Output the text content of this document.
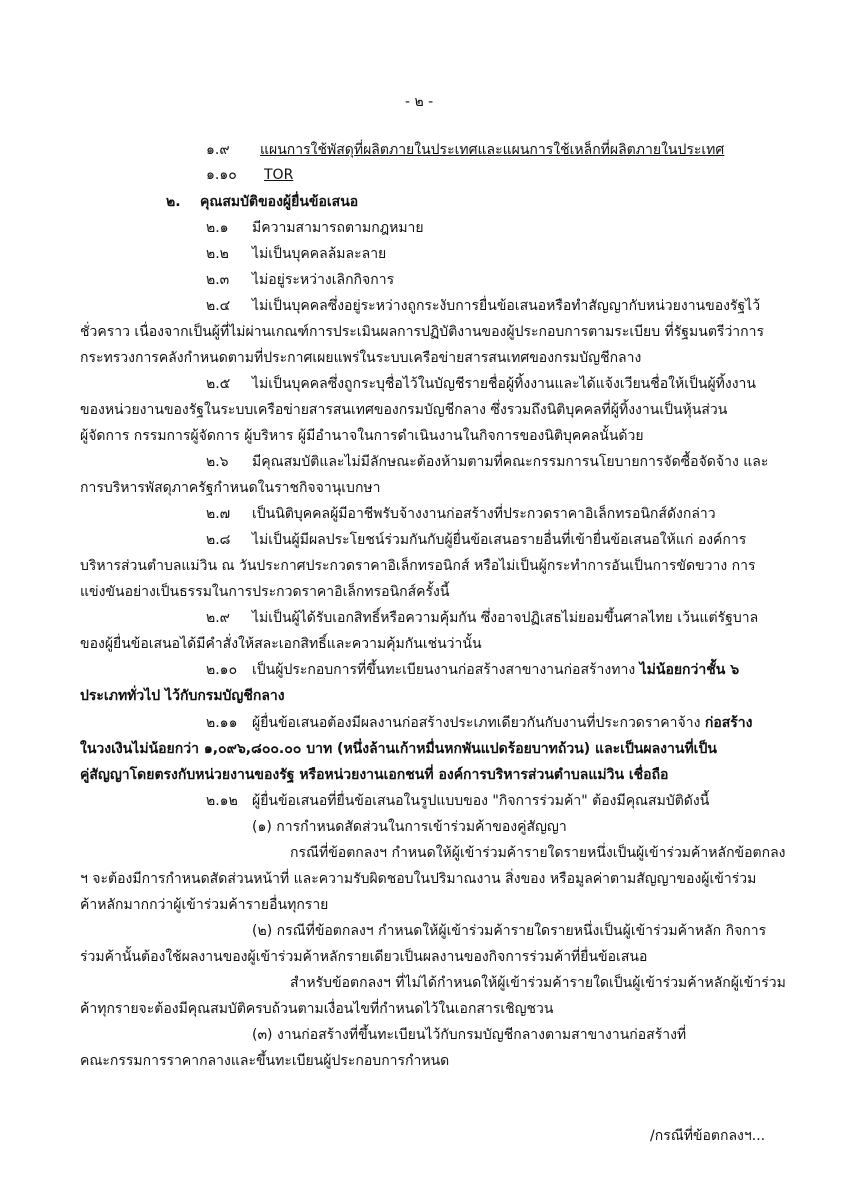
- ๒ -
๑.๙ แผนการใช้พัสดุที่ผลิตภายในประเทศและแผนการใช้เหล็กที่ผลิตภายในประเทศ
๑.๑๐ TOR
๒. คุณสมบัติของผู้ยื่นข้อเสนอ
๒.๑ มีความสามารถตามกฎหมาย
๒.๒ ไม่เป็นบุคคลล้มละลาย
๒.๓ ไม่อยู่ระหว่างเลิกกิจการ
๒.๔ ไม่เป็นบุคคลซึ่งอยู่ระหว่างถูกระงับการยื่นข้อเสนอหรือทำสัญญากับหน่วยงานของรัฐไว้
ชั่วคราว เนื่องจากเป็นผู้ที่ไม่ผ่านเกณฑ์การประเมินผลการปฏิบัติงานของผู้ประกอบการตามระเบียบ ที่รัฐมนตรีว่าการ
กระทรวงการคลังกำหนดตามที่ประกาศเผยแพร่ในระบบเครือข่ายสารสนเทศของกรมบัญชีกลาง
๒.๕ ไม่เป็นบุคคลซึ่งถูกระบุชื่อไว้ในบัญชีรายชื่อผู้ทิ้งงานและได้แจ้งเวียนชื่อให้เป็นผู้ทิ้งงาน
ของหน่วยงานของรัฐในระบบเครือข่ายสารสนเทศของกรมบัญชีกลาง ซึ่งรวมถึงนิติบุคคลที่ผู้ทิ้งงานเป็นหุ้นส่วน
ผู้จัดการ กรรมการผู้จัดการ ผู้บริหาร ผู้มีอำนาจในการดำเนินงานในกิจการของนิติบุคคลนั้นด้วย
๒.๖ มีคุณสมบัติและไม่มีลักษณะต้องห้ามตามที่คณะกรรมการนโยบายการจัดซื้อจัดจ้าง และ
การบริหารพัสดุภาครัฐกำหนดในราชกิจจานุเบกษา
๒.๗ เป็นนิติบุคคลผู้มีอาชีพรับจ้างงานก่อสร้างที่ประกวดราคาอิเล็กทรอนิกส์ดังกล่าว
๒.๘ ไม่เป็นผู้มีผลประโยชน์ร่วมกันกับผู้ยื่นข้อเสนอรายอื่นที่เข้ายื่นข้อเสนอให้แก่ องค์การ
บริหารส่วนตำบลแม่วิน ณ วันประกาศประกวดราคาอิเล็กทรอนิกส์ หรือไม่เป็นผู้กระทำการอันเป็นการขัดขวาง การ
แข่งขันอย่างเป็นธรรมในการประกวดราคาอิเล็กทรอนิกส์ครั้งนี้
๒.๙ ไม่เป็นผู้ได้รับเอกสิทธิ์หรือความคุ้มกัน ซึ่งอาจปฏิเสธไม่ยอมขึ้นศาลไทย เว้นแต่รัฐบาล
ของผู้ยื่นข้อเสนอได้มีคำสั่งให้สละเอกสิทธิ์และความคุ้มกันเช่นว่านั้น
๒.๑๐ เป็นผู้ประกอบการที่ขึ้นทะเบียนงานก่อสร้างสาขางานก่อสร้างทาง ไม่น้อยกว่าชั้น ๖
ประเภททั่วไป ไว้กับกรมบัญชีกลาง
๒.๑๑ ผู้ยื่นข้อเสนอต้องมีผลงานก่อสร้างประเภทเดียวกันกับงานที่ประกวดราคาจ้าง ก่อสร้าง
ในวงเงินไม่น้อยกว่า ๑,๐๙๖,๘๐๐.๐๐ บาท (หนึ่งล้านเก้าหมื่นหกพันแปดร้อยบาทถ้วน) และเป็นผลงานที่เป็น
คู่สัญญาโดยตรงกับหน่วยงานของรัฐ หรือหน่วยงานเอกชนที่ องค์การบริหารส่วนตำบลแม่วิน เชื่อถือ
๒.๑๒ ผู้ยื่นข้อเสนอที่ยื่นข้อเสนอในรูปแบบของ "กิจการร่วมค้า" ต้องมีคุณสมบัติดังนี้
(๑) การกำหนดสัดส่วนในการเข้าร่วมค้าของคู่สัญญา
กรณีที่ข้อตกลงฯ กำหนดให้ผู้เข้าร่วมค้ารายใดรายหนึ่งเป็นผู้เข้าร่วมค้าหลักข้อตกลง
ฯ จะต้องมีการกำหนดสัดส่วนหน้าที่ และความรับผิดชอบในปริมาณงาน สิ่งของ หรือมูลค่าตามสัญญาของผู้เข้าร่วม
ค้าหลักมากกว่าผู้เข้าร่วมค้ารายอื่นทุกราย
(๒) กรณีที่ข้อตกลงฯ กำหนดให้ผู้เข้าร่วมค้ารายใดรายหนึ่งเป็นผู้เข้าร่วมค้าหลัก กิจการ
ร่วมค้านั้นต้องใช้ผลงานของผู้เข้าร่วมค้าหลักรายเดียวเป็นผลงานของกิจการร่วมค้าที่ยื่นข้อเสนอ
สำหรับข้อตกลงฯ ที่ไม่ได้กำหนดให้ผู้เข้าร่วมค้ารายใดเป็นผู้เข้าร่วมค้าหลักผู้เข้าร่วม
ค้าทุกรายจะต้องมีคุณสมบัติครบถ้วนตามเงื่อนไขที่กำหนดไว้ในเอกสารเชิญชวน
(๓) งานก่อสร้างที่ขึ้นทะเบียนไว้กับกรมบัญชีกลางตามสาขางานก่อสร้างที่
คณะกรรมการราคากลางและขึ้นทะเบียนผู้ประกอบการกำหนด
/กรณีที่ข้อตกลงฯ...
